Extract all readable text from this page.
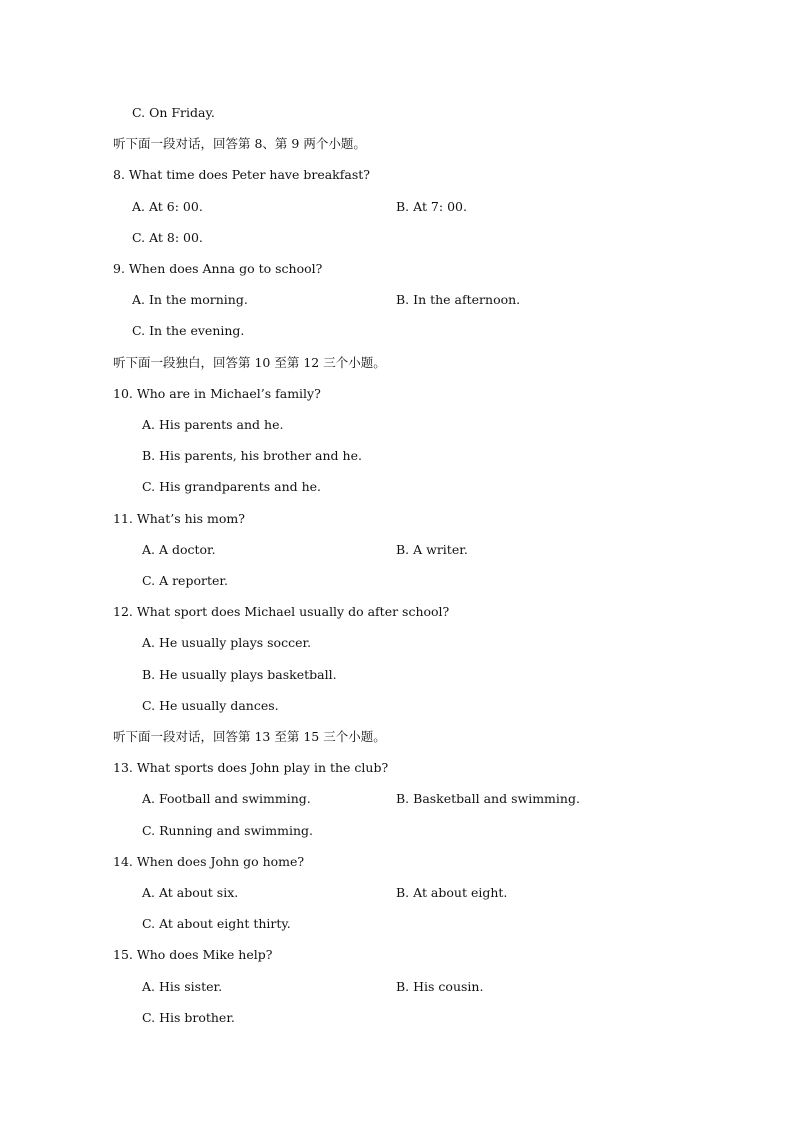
C. On Friday.
听下面一段对话，回答第 8、第 9 两个小题。
8. What time does Peter have breakfast?
A. At 6: 00.	B. At 7: 00.
C. At 8: 00.
9. When does Anna go to school?
A. In the morning.	B. In the afternoon.
C. In the evening.
听下面一段独白，回答第 10 至第 12 三个小题。
10. Who are in Michael’s family?
A. His parents and he.
B. His parents, his brother and he.
C. His grandparents and he.
11. What’s his mom?
A. A doctor.	B. A writer.
C. A reporter.
12. What sport does Michael usually do after school?
A. He usually plays soccer.
B. He usually plays basketball.
C. He usually dances.
听下面一段对话，回答第 13 至第 15 三个小题。
13. What sports does John play in the club?
A. Football and swimming.	B. Basketball and swimming.
C. Running and swimming.
14. When does John go home?
A. At about six.	B. At about eight.
C. At about eight thirty.
15. Who does Mike help?
A. His sister.	B. His cousin.
C. His brother.
